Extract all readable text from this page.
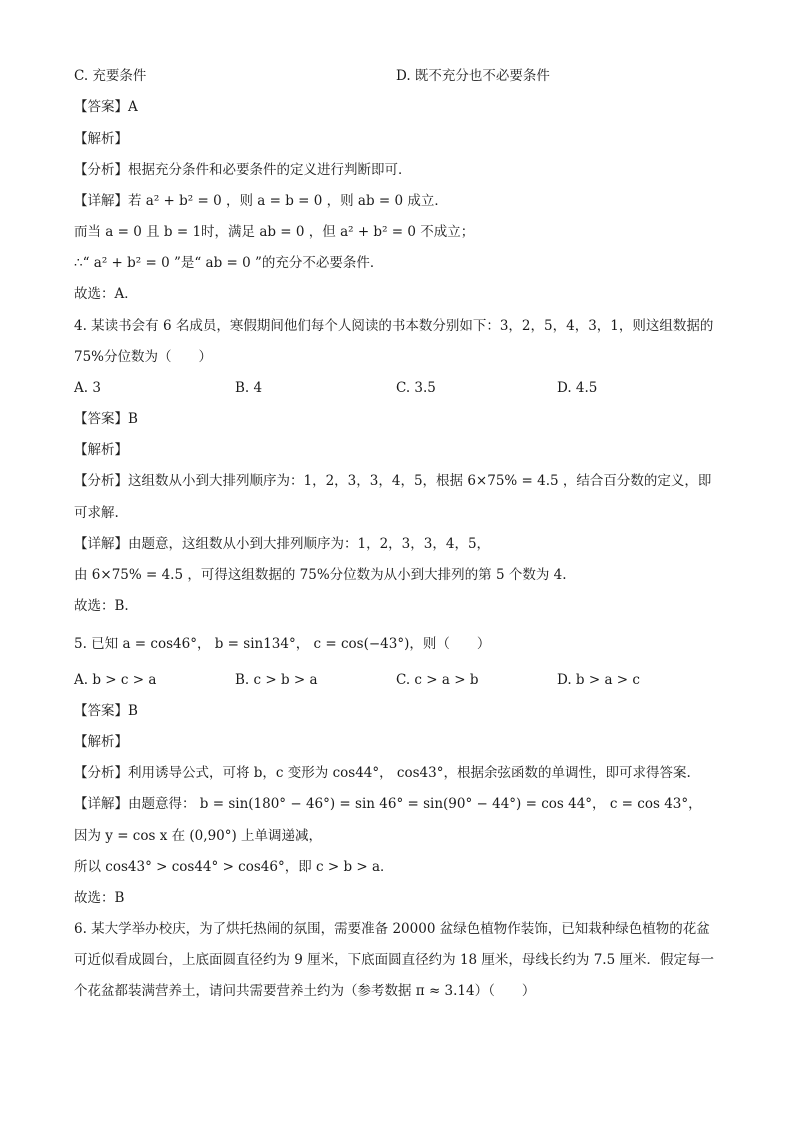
C. 充要条件	D. 既不充分也不必要条件
【答案】A
【解析】
【分析】根据充分条件和必要条件的定义进行判断即可．
【详解】若 a² + b² = 0 ，则 a = b = 0 ，则 ab = 0 成立．
而当 a = 0 且 b = 1时，满足 ab = 0 ，但 a² + b² = 0 不成立；
∴“ a² + b² = 0 ”是“ ab = 0 ”的充分不必要条件．
故选：A．
4. 某读书会有 6 名成员，寒假期间他们每个人阅读的书本数分别如下：3，2，5，4，3，1，则这组数据的
75%分位数为（　　）
A. 3	B. 4	C. 3.5	D. 4.5
【答案】B
【解析】
【分析】这组数从小到大排列顺序为：1，2，3，3，4，5，根据 6×75% = 4.5 ，结合百分数的定义，即
可求解.
【详解】由题意，这组数从小到大排列顺序为：1，2，3，3，4，5，
由 6×75% = 4.5 ，可得这组数据的 75%分位数为从小到大排列的第 5 个数为 4.
故选：B.
5. 已知 a = cos46°， b = sin134°， c = cos(−43°)，则（　　）
A. b > c > a	B. c > b > a	C. c > a > b	D. b > a > c
【答案】B
【解析】
【分析】利用诱导公式，可将 b，c 变形为 cos44°， cos43°，根据余弦函数的单调性，即可求得答案.
【详解】由题意得： b = sin(180° − 46°) = sin 46° = sin(90° − 44°) = cos 44°， c = cos 43°，
因为 y = cos x 在 (0,90°) 上单调递减，
所以 cos43° > cos44° > cos46°，即 c > b > a．
故选：B
6. 某大学举办校庆，为了烘托热闹的氛围，需要准备 20000 盆绿色植物作装饰，已知栽种绿色植物的花盆
可近似看成圆台，上底面圆直径约为 9 厘米，下底面圆直径约为 18 厘米，母线长约为 7.5 厘米．假定每一
个花盆都装满营养土，请问共需要营养土约为（参考数据 π ≈ 3.14）（　　）
